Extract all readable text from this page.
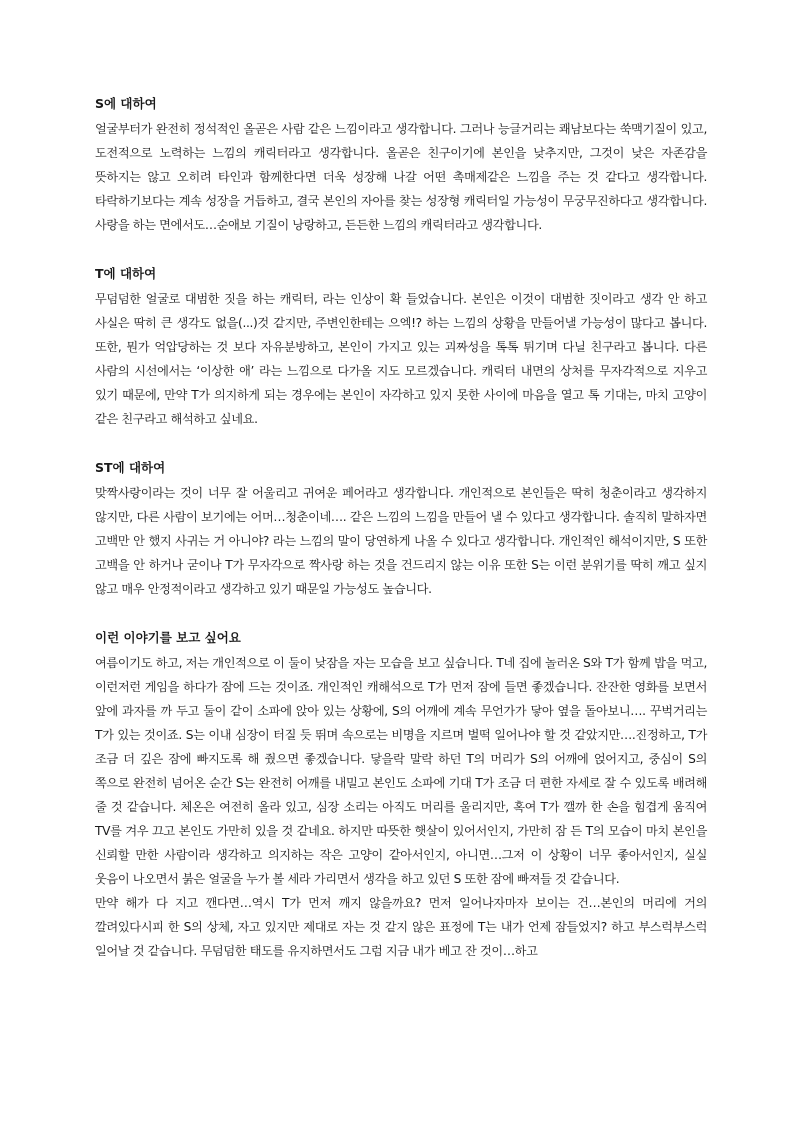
S에 대하여

얼굴부터가 완전히 정석적인 올곧은 사람 같은 느낌이라고 생각합니다. 그러나 능글거리는 쾌남보다는 쑥맥기질이 있고, 도전적으로 노력하는 느낌의 캐릭터라고 생각합니다. 올곧은 친구이기에 본인을 낮추지만, 그것이 낮은 자존감을 뜻하지는 않고 오히려 타인과 함께한다면 더욱 성장해 나갈 어떤 촉매제같은 느낌을 주는 것 같다고 생각합니다.타락하기보다는 계속 성장을 거듭하고, 결국 본인의 자아를 찾는 성장형 캐릭터일 가능성이 무궁무진하다고 생각합니다. 사랑을 하는 면에서도…순애보 기질이 낭랑하고, 든든한 느낌의 캐릭터라고 생각합니다.

T에 대하여

무덤덤한 얼굴로 대범한 짓을 하는 캐릭터, 라는 인상이 확 들었습니다. 본인은 이것이 대범한 짓이라고 생각 안 하고 사실은 딱히 큰 생각도 없을(...)것 같지만, 주변인한테는 으엑!? 하는 느낌의 상황을 만들어낼 가능성이 많다고 봅니다. 또한, 뭔가 억압당하는 것 보다 자유분방하고, 본인이 가지고 있는 괴짜성을 톡톡 튀기며 다닐 친구라고 봅니다. 다른 사람의 시선에서는 ‘이상한 애’ 라는 느낌으로 다가올 지도 모르겠습니다. 캐릭터 내면의 상처를 무자각적으로 지우고 있기 때문에, 만약 T가 의지하게 되는 경우에는 본인이 자각하고 있지 못한 사이에 마음을 열고 톡 기대는, 마치 고양이 같은 친구라고 해석하고 싶네요.

ST에 대하여

맞짝사랑이라는 것이 너무 잘 어울리고 귀여운 페어라고 생각합니다. 개인적으로 본인들은 딱히 청춘이라고 생각하지 않지만, 다른 사람이 보기에는 어머…청춘이네…. 같은 느낌의 느낌을 만들어 낼 수 있다고 생각합니다. 솔직히 말하자면 고백만 안 했지 사귀는 거 아니야? 라는 느낌의 말이 당연하게 나올 수 있다고 생각합니다. 개인적인 해석이지만, S 또한 고백을 안 하거나 굳이나 T가 무자각으로 짝사랑 하는 것을 건드리지 않는 이유 또한 S는 이런 분위기를 딱히 깨고 싶지 않고 매우 안정적이라고 생각하고 있기 때문일 가능성도 높습니다.

이런 이야기를 보고 싶어요

여름이기도 하고, 저는 개인적으로 이 둘이 낮잠을 자는 모습을 보고 싶습니다. T네 집에 놀러온 S와 T가 함께 밥을 먹고, 이런저런 게임을 하다가 잠에 드는 것이죠. 개인적인 캐해석으로 T가 먼저 잠에 들면 좋겠습니다. 잔잔한 영화를 보면서 앞에 과자를 까 두고 둘이 같이 소파에 앉아 있는 상황에, S의 어깨에 계속 무언가가 닿아 옆을 돌아보니…. 꾸벅거리는 T가 있는 것이죠. S는 이내 심장이 터질 듯 뛰며 속으로는 비명을 지르며 벌떡 일어나야 할 것 같았지만….진정하고, T가 조금 더 깊은 잠에 빠지도록 해 줬으면 좋겠습니다. 닿을락 말락 하던 T의 머리가 S의 어깨에 얹어지고, 중심이 S의 쪽으로 완전히 넘어온 순간 S는 완전히 어깨를 내밀고 본인도 소파에 기대 T가 조금 더 편한 자세로 잘 수 있도록 배려해 줄 것 같습니다. 체온은 여전히 올라 있고, 심장 소리는 아직도 머리를 울리지만, 혹여 T가 깰까 한 손을 힘겹게 움직여 TV를 겨우 끄고 본인도 가만히 있을 것 같네요. 하지만 따뜻한 햇살이 있어서인지, 가만히 잠 든 T의 모습이 마치 본인을 신뢰할 만한 사람이라 생각하고 의지하는 작은 고양이 같아서인지, 아니면…그저 이 상황이 너무 좋아서인지, 실실 웃음이 나오면서 붉은 얼굴을 누가 볼 세라 가리면서 생각을 하고 있던 S 또한 잠에 빠져들 것 같습니다.

만약 해가 다 지고 깬다면…역시 T가 먼저 깨지 않을까요? 먼저 일어나자마자 보이는 건…본인의 머리에 거의 깔려있다시피 한 S의 상체, 자고 있지만 제대로 자는 것 같지 않은 표정에 T는 내가 언제 잠들었지? 하고 부스럭부스럭 일어날 것 같습니다. 무덤덤한 태도를 유지하면서도 그럼 지금 내가 베고 잔 것이…하고
